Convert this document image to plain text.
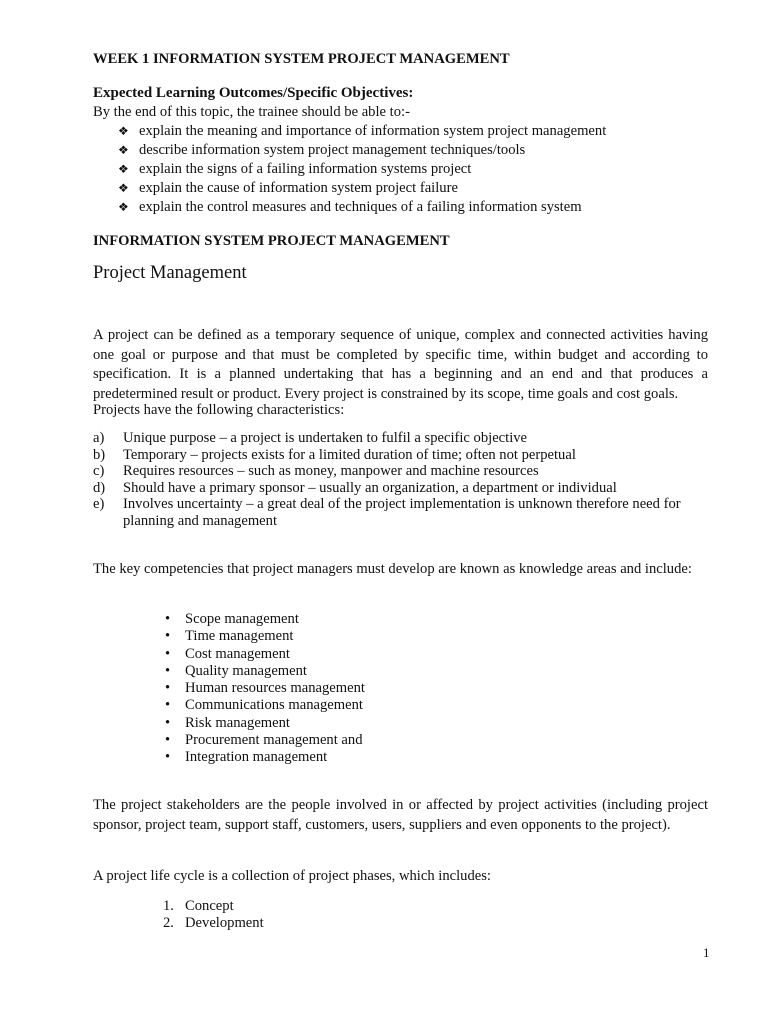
WEEK 1 INFORMATION SYSTEM PROJECT MANAGEMENT
Expected Learning Outcomes/Specific Objectives:
By the end of this topic, the trainee should be able to:-
❖ explain the meaning and importance of information system project management
❖ describe information system project management techniques/tools
❖ explain the signs of a failing information systems project
❖ explain the cause of information system project failure
❖ explain the control measures and techniques of a failing information system
INFORMATION SYSTEM PROJECT MANAGEMENT
Project Management
A project can be defined as a temporary sequence of unique, complex and connected activities having one goal or purpose and that must be completed by specific time, within budget and according to specification. It is a planned undertaking that has a beginning and an end and that produces a predetermined result or product. Every project is constrained by its scope, time goals and cost goals.
Projects have the following characteristics:
a) Unique purpose – a project is undertaken to fulfil a specific objective
b) Temporary – projects exists for a limited duration of time; often not perpetual
c) Requires resources – such as money, manpower and machine resources
d) Should have a primary sponsor – usually an organization, a department or individual
e) Involves uncertainty – a great deal of the project implementation is unknown therefore need for planning and management
The key competencies that project managers must develop are known as knowledge areas and include:
• Scope management
• Time management
• Cost management
• Quality management
• Human resources management
• Communications management
• Risk management
• Procurement management and
• Integration management
The project stakeholders are the people involved in or affected by project activities (including project sponsor, project team, support staff, customers, users, suppliers and even opponents to the project).
A project life cycle is a collection of project phases, which includes:
1. Concept
2. Development
1
